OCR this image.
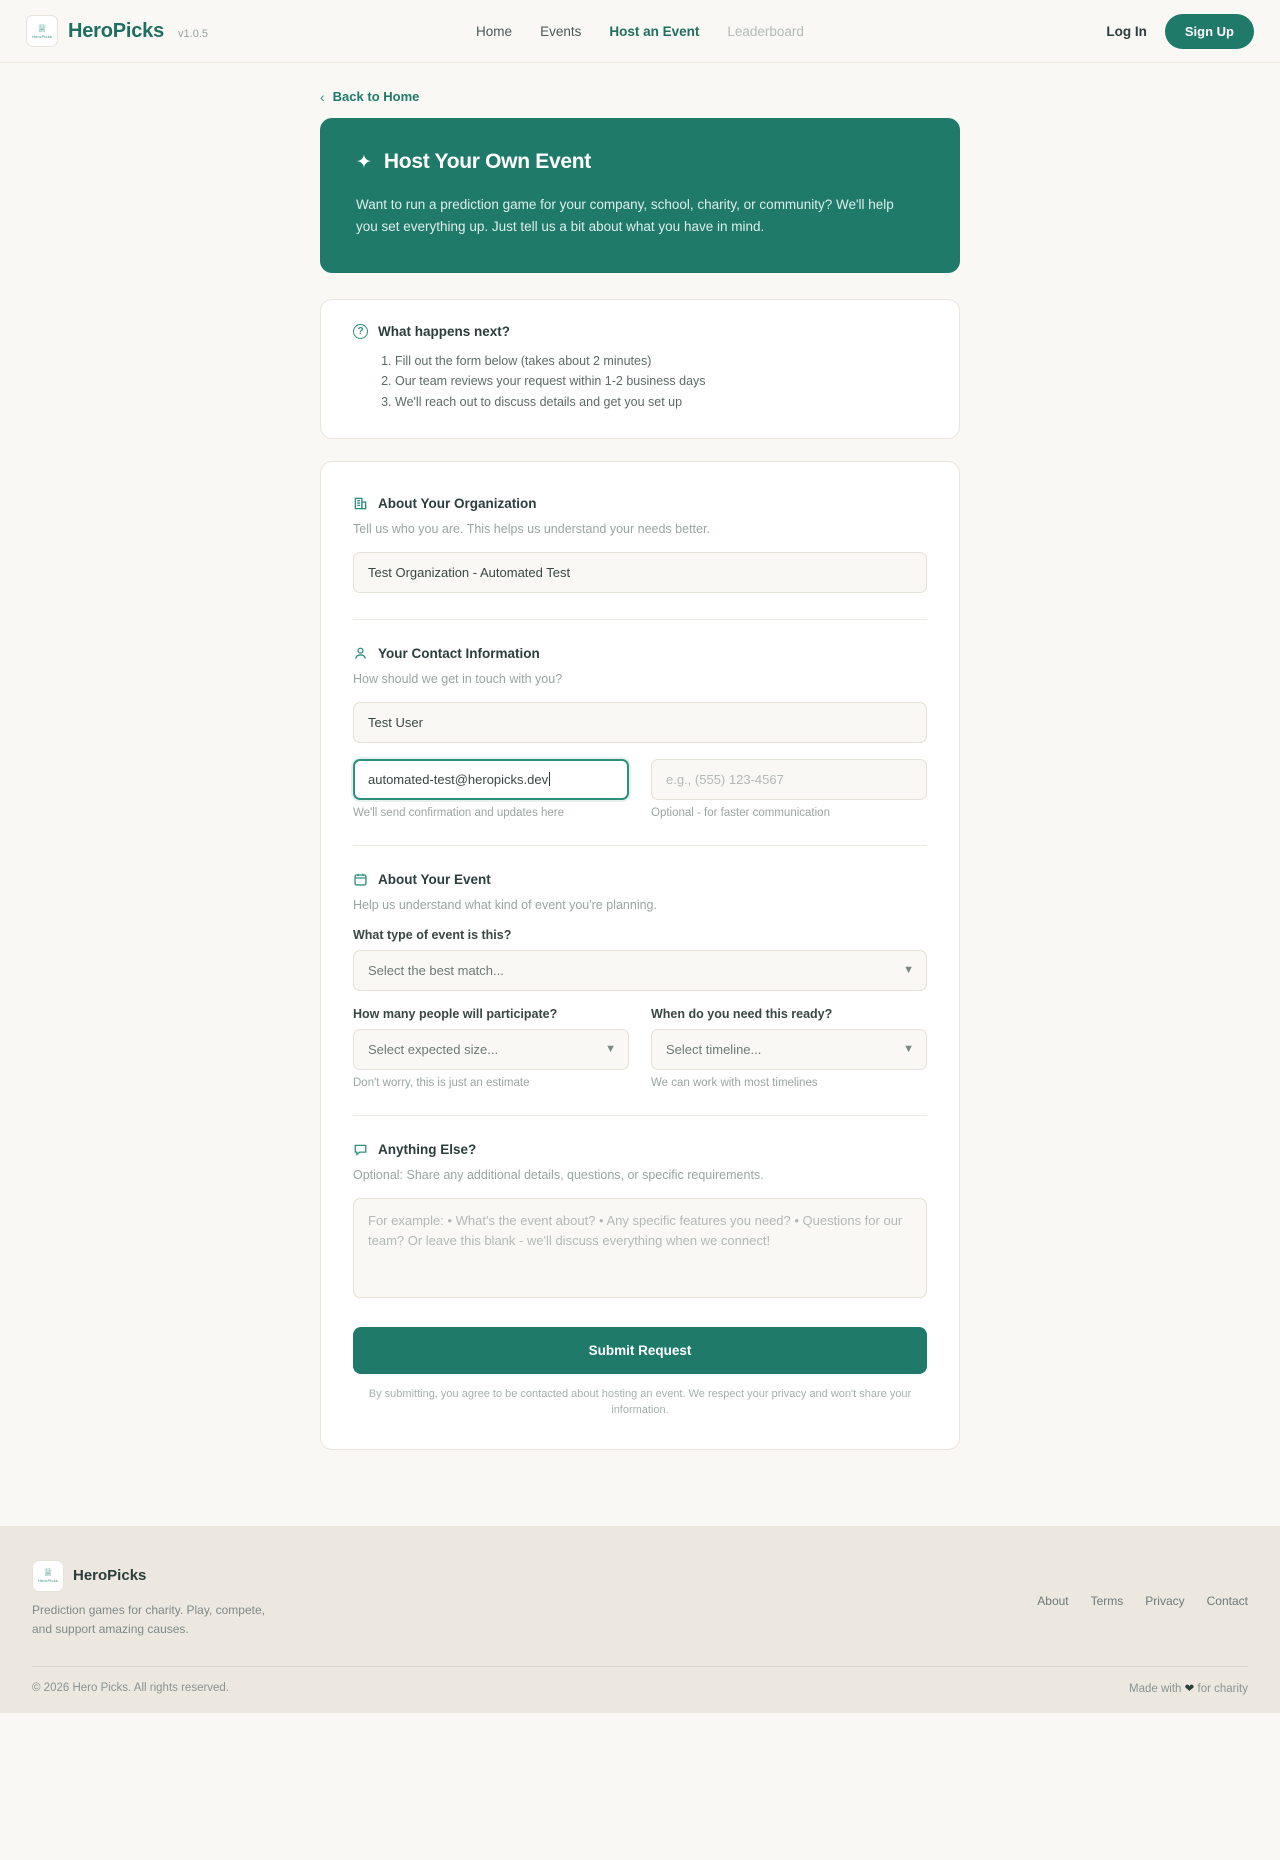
♕
HeroPicks HeroPicks v1.0.5	Home Events Host an Event Leaderboard	Log In	Sign Up
‹ Back to Home
✦ Host Your Own Event
Want to run a prediction game for your company, school, charity, or community? We'll help you set everything up. Just tell us a bit about what you have in mind.
?	What happens next?
1. Fill out the form below (takes about 2 minutes)
2. Our team reviews your request within 1-2 business days
3. We'll reach out to discuss details and get you set up
About Your Organization
Tell us who you are. This helps us understand your needs better.
Test Organization - Automated Test
Your Contact Information
How should we get in touch with you?
Test User
automated-test@heropicks.dev
We'll send confirmation and updates here
e.g., (555) 123-4567	Optional - for faster communication
About Your Event
Help us understand what kind of event you're planning.
What type of event is this?
Select the best match...	▼
How many people will participate?
Select expected size...	▼
Don't worry, this is just an estimate
When do you need this ready?
Select timeline...	▼
We can work with most timelines
Anything Else?
Optional: Share any additional details, questions, or specific requirements.
For example: • What's the event about? • Any specific features you need? • Questions for our team? Or leave this blank - we'll discuss everything when we connect!
Submit Request
By submitting, you agree to be contacted about hosting an event. We respect your privacy and won't share your information.
♕
HeroPicks HeroPicks
Prediction games for charity. Play, compete, and support amazing causes.
About Terms Privacy Contact
© 2026 Hero Picks. All rights reserved.	Made with ❤ for charity
